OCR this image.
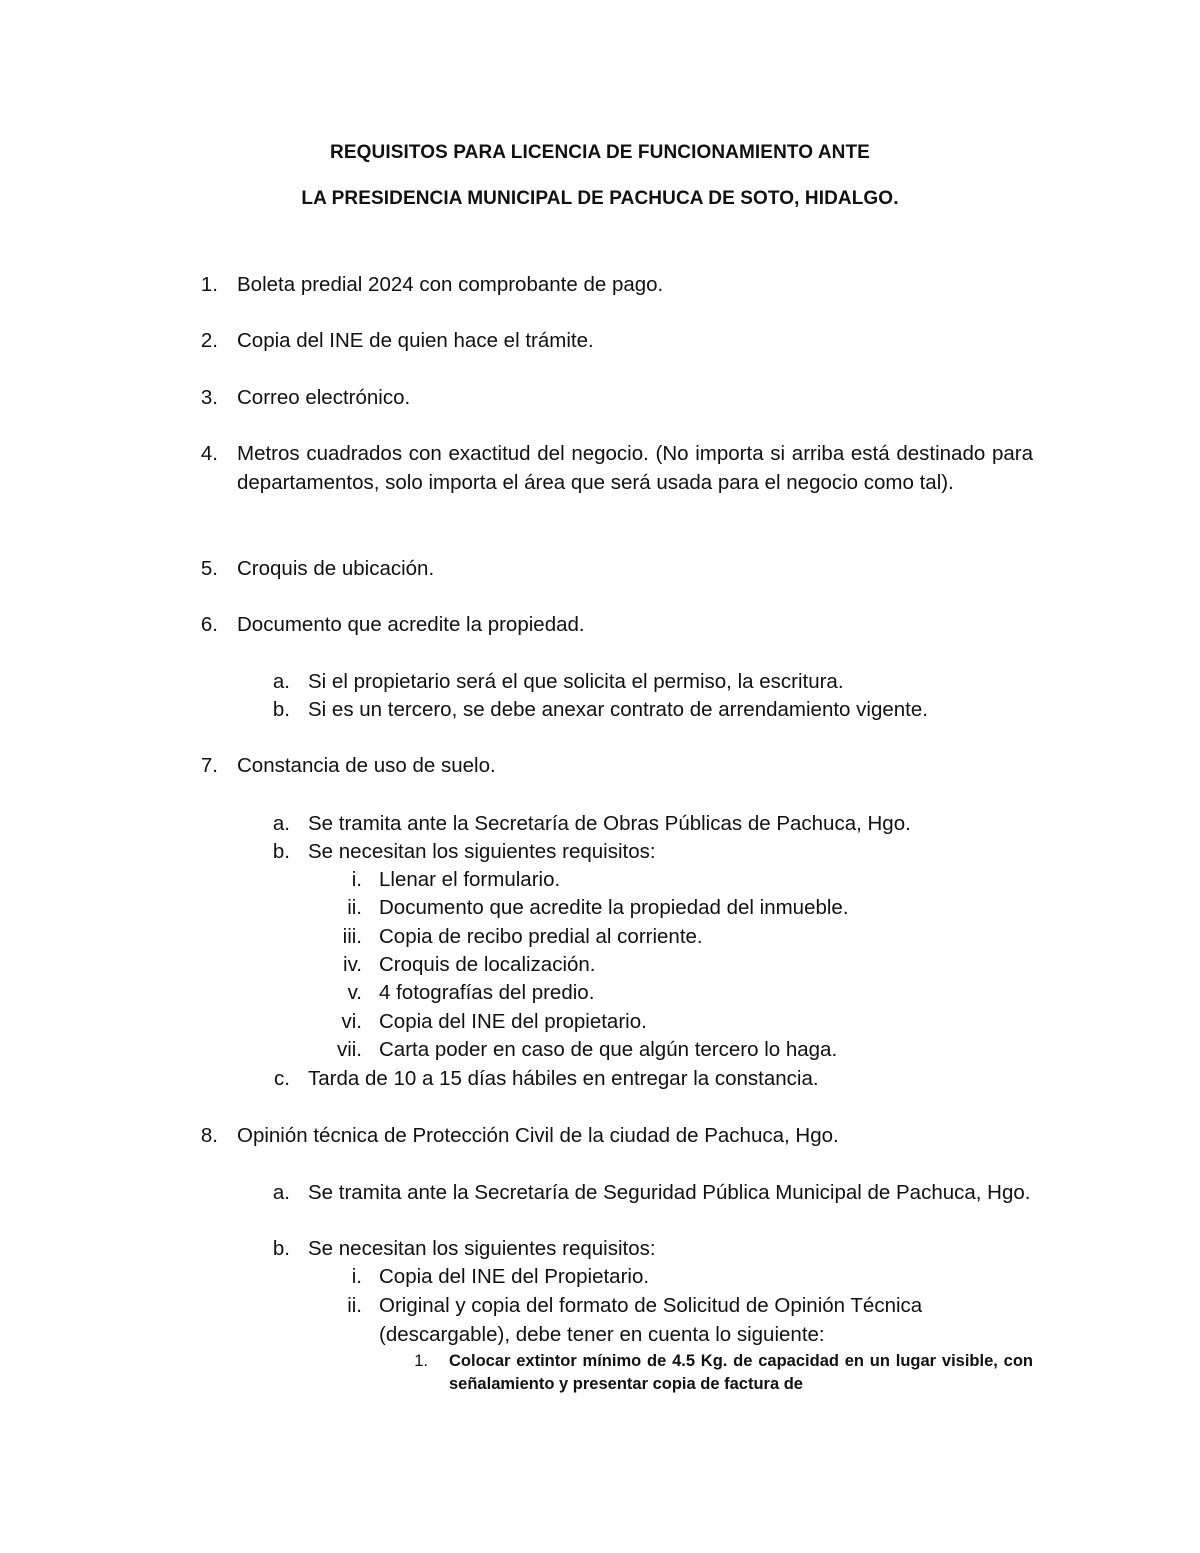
REQUISITOS PARA LICENCIA DE FUNCIONAMIENTO ANTE
LA PRESIDENCIA MUNICIPAL DE PACHUCA DE SOTO, HIDALGO.
1. Boleta predial 2024 con comprobante de pago.
2. Copia del INE de quien hace el trámite.
3. Correo electrónico.
4. Metros cuadrados con exactitud del negocio. (No importa si arriba está destinado para departamentos, solo importa el área que será usada para el negocio como tal).
5. Croquis de ubicación.
6. Documento que acredite la propiedad.
a. Si el propietario será el que solicita el permiso, la escritura.
b. Si es un tercero, se debe anexar contrato de arrendamiento vigente.
7. Constancia de uso de suelo.
a. Se tramita ante la Secretaría de Obras Públicas de Pachuca, Hgo.
b. Se necesitan los siguientes requisitos:
i. Llenar el formulario.
ii. Documento que acredite la propiedad del inmueble.
iii. Copia de recibo predial al corriente.
iv. Croquis de localización.
v. 4 fotografías del predio.
vi. Copia del INE del propietario.
vii. Carta poder en caso de que algún tercero lo haga.
c. Tarda de 10 a 15 días hábiles en entregar la constancia.
8. Opinión técnica de Protección Civil de la ciudad de Pachuca, Hgo.
a. Se tramita ante la Secretaría de Seguridad Pública Municipal de Pachuca, Hgo.
b. Se necesitan los siguientes requisitos:
i. Copia del INE del Propietario.
ii. Original y copia del formato de Solicitud de Opinión Técnica (descargable), debe tener en cuenta lo siguiente:
1. Colocar extintor mínimo de 4.5 Kg. de capacidad en un lugar visible, con señalamiento y presentar copia de factura de
